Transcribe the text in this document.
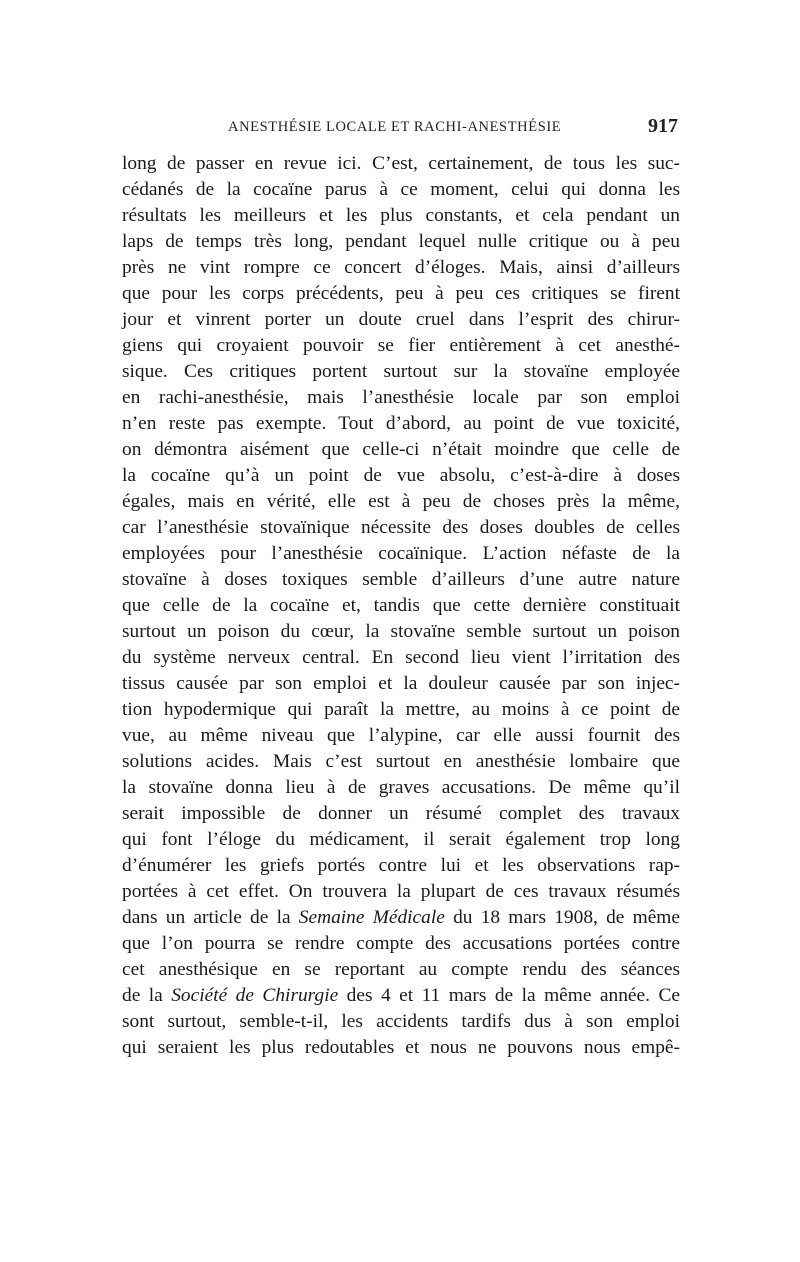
ANESTHÉSIE LOCALE ET RACHI-ANESTHÉSIE	917
long de passer en revue ici. C’est, certainement, de tous les suc-
cédanés de la cocaïne parus à ce moment, celui qui donna les
résultats les meilleurs et les plus constants, et cela pendant un
laps de temps très long, pendant lequel nulle critique ou à peu
près ne vint rompre ce concert d’éloges. Mais, ainsi d’ailleurs
que pour les corps précédents, peu à peu ces critiques se firent
jour et vinrent porter un doute cruel dans l’esprit des chirur-
giens qui croyaient pouvoir se fier entièrement à cet anesthé-
sique. Ces critiques portent surtout sur la stovaïne employée
en rachi-anesthésie, mais l’anesthésie locale par son emploi
n’en reste pas exempte. Tout d’abord, au point de vue toxicité,
on démontra aisément que celle-ci n’était moindre que celle de
la cocaïne qu’à un point de vue absolu, c’est-à-dire à doses
égales, mais en vérité, elle est à peu de choses près la même,
car l’anesthésie stovaïnique nécessite des doses doubles de celles
employées pour l’anesthésie cocaïnique. L’action néfaste de la
stovaïne à doses toxiques semble d’ailleurs d’une autre nature
que celle de la cocaïne et, tandis que cette dernière constituait
surtout un poison du cœur, la stovaïne semble surtout un poison
du système nerveux central. En second lieu vient l’irritation des
tissus causée par son emploi et la douleur causée par son injec-
tion hypodermique qui paraît la mettre, au moins à ce point de
vue, au même niveau que l’alypine, car elle aussi fournit des
solutions acides. Mais c’est surtout en anesthésie lombaire que
la stovaïne donna lieu à de graves accusations. De même qu’il
serait impossible de donner un résumé complet des travaux
qui font l’éloge du médicament, il serait également trop long
d’énumérer les griefs portés contre lui et les observations rap-
portées à cet effet. On trouvera la plupart de ces travaux résumés
dans un article de la Semaine Médicale du 18 mars 1908, de même
que l’on pourra se rendre compte des accusations portées contre
cet anesthésique en se reportant au compte rendu des séances
de la Société de Chirurgie des 4 et 11 mars de la même année. Ce
sont surtout, semble-t-il, les accidents tardifs dus à son emploi
qui seraient les plus redoutables et nous ne pouvons nous empê-
